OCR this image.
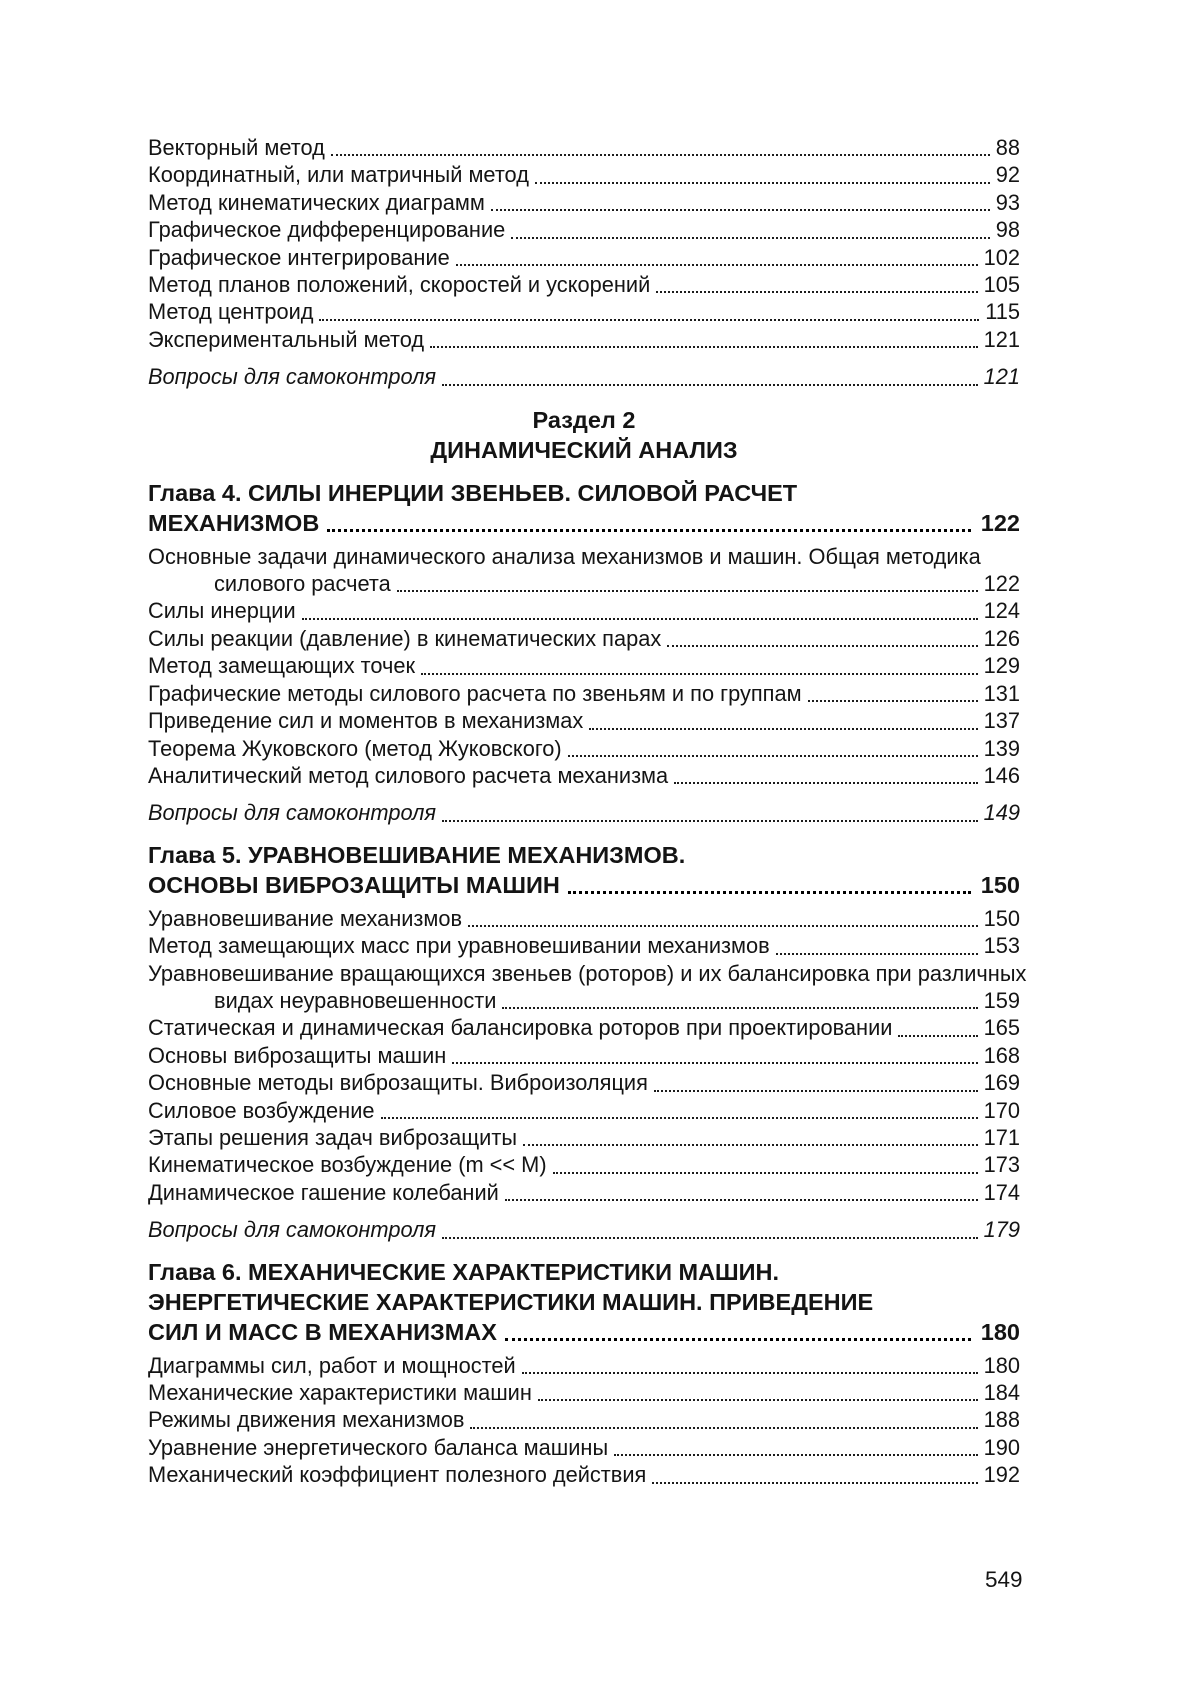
Векторный метод	88
Координатный, или матричный метод	92
Метод кинематических диаграмм	93
Графическое дифференцирование	98
Графическое интегрирование	102
Метод планов положений, скоростей и ускорений	105
Метод центроид	115
Экспериментальный метод	121
Вопросы для самоконтроля	121
Раздел 2
ДИНАМИЧЕСКИЙ АНАЛИЗ
Глава 4. СИЛЫ ИНЕРЦИИ ЗВЕНЬЕВ. СИЛОВОЙ РАСЧЕТ
МЕХАНИЗМОВ	122
Основные задачи динамического анализа механизмов и машин. Общая методика
силового расчета	122
Силы инерции	124
Силы реакции (давление) в кинематических парах	126
Метод замещающих точек	129
Графические методы силового расчета по звеньям и по группам	131
Приведение сил и моментов в механизмах	137
Теорема Жуковского (метод Жуковского)	139
Аналитический метод силового расчета механизма	146
Вопросы для самоконтроля	149
Глава 5. УРАВНОВЕШИВАНИЕ МЕХАНИЗМОВ.
ОСНОВЫ ВИБРОЗАЩИТЫ МАШИН	150
Уравновешивание механизмов	150
Метод замещающих масс при уравновешивании механизмов	153
Уравновешивание вращающихся звеньев (роторов) и их балансировка при различных
видах неуравновешенности	159
Статическая и динамическая балансировка роторов при проектировании	165
Основы виброзащиты машин	168
Основные методы виброзащиты. Виброизоляция	169
Силовое возбуждение	170
Этапы решения задач виброзащиты	171
Кинематическое возбуждение (m << M)	173
Динамическое гашение колебаний	174
Вопросы для самоконтроля	179
Глава 6. МЕХАНИЧЕСКИЕ ХАРАКТЕРИСТИКИ МАШИН.
ЭНЕРГЕТИЧЕСКИЕ ХАРАКТЕРИСТИКИ МАШИН. ПРИВЕДЕНИЕ
СИЛ И МАСС В МЕХАНИЗМАХ	180
Диаграммы сил, работ и мощностей	180
Механические характеристики машин	184
Режимы движения механизмов	188
Уравнение энергетического баланса машины	190
Механический коэффициент полезного действия	192
549
